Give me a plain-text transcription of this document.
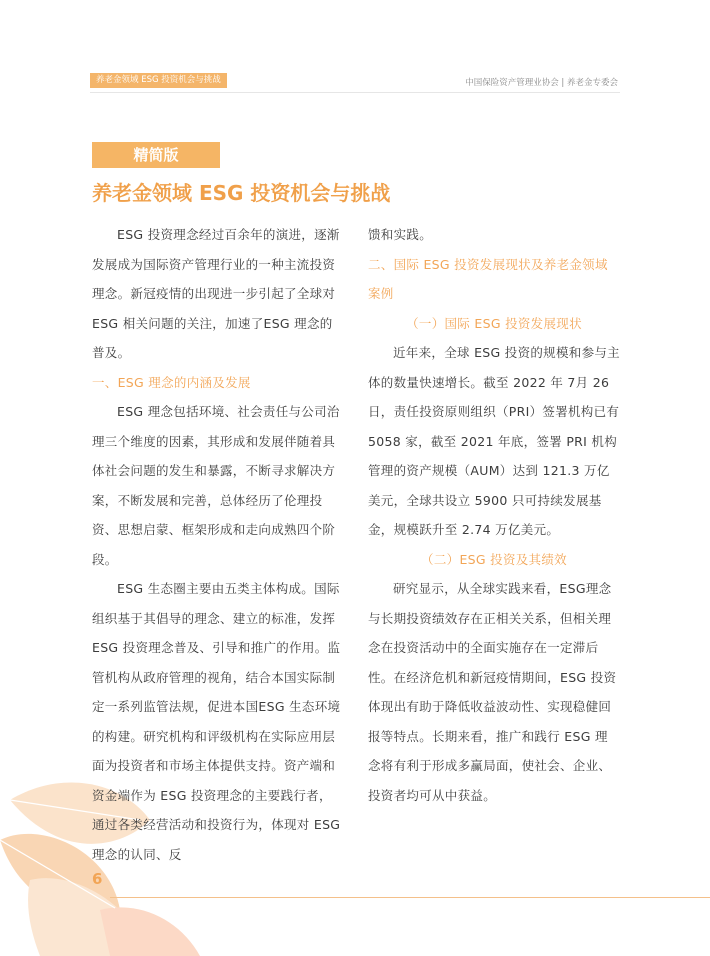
养老金领域 ESG 投资机会与挑战	中国保险资产管理业协会 | 养老金专委会
精简版
养老金领域 ESG 投资机会与挑战

ESG 投资理念经过百余年的演进，逐渐发展成为国际资产管理行业的一种主流投资理念。新冠疫情的出现进一步引起了全球对 ESG 相关问题的关注，加速了ESG 理念的普及。

一、ESG 理念的内涵及发展

ESG 理念包括环境、社会责任与公司治理三个维度的因素，其形成和发展伴随着具体社会问题的发生和暴露，不断寻求解决方案，不断发展和完善，总体经历了伦理投资、思想启蒙、框架形成和走向成熟四个阶段。

ESG 生态圈主要由五类主体构成。国际组织基于其倡导的理念、建立的标准，发挥 ESG 投资理念普及、引导和推广的作用。监管机构从政府管理的视角，结合本国实际制定一系列监管法规，促进本国ESG 生态环境的构建。研究机构和评级机构在实际应用层面为投资者和市场主体提供支持。资产端和资金端作为 ESG 投资理念的主要践行者，通过各类经营活动和投资行为，体现对 ESG 理念的认同、反

馈和实践。

二、国际 ESG 投资发展现状及养老金领域案例

（一）国际 ESG 投资发展现状

近年来，全球 ESG 投资的规模和参与主体的数量快速增长。截至 2022 年 7月 26 日，责任投资原则组织（PRI）签署机构已有 5058 家，截至 2021 年底，签署 PRI 机构管理的资产规模（AUM）达到 121.3 万亿美元，全球共设立 5900 只可持续发展基金，规模跃升至 2.74 万亿美元。

（二）ESG 投资及其绩效

研究显示，从全球实践来看，ESG理念与长期投资绩效存在正相关关系，但相关理念在投资活动中的全面实施存在一定滞后性。在经济危机和新冠疫情期间，ESG 投资体现出有助于降低收益波动性、实现稳健回报等特点。长期来看，推广和践行 ESG 理念将有利于形成多赢局面，使社会、企业、投资者均可从中获益。

6
